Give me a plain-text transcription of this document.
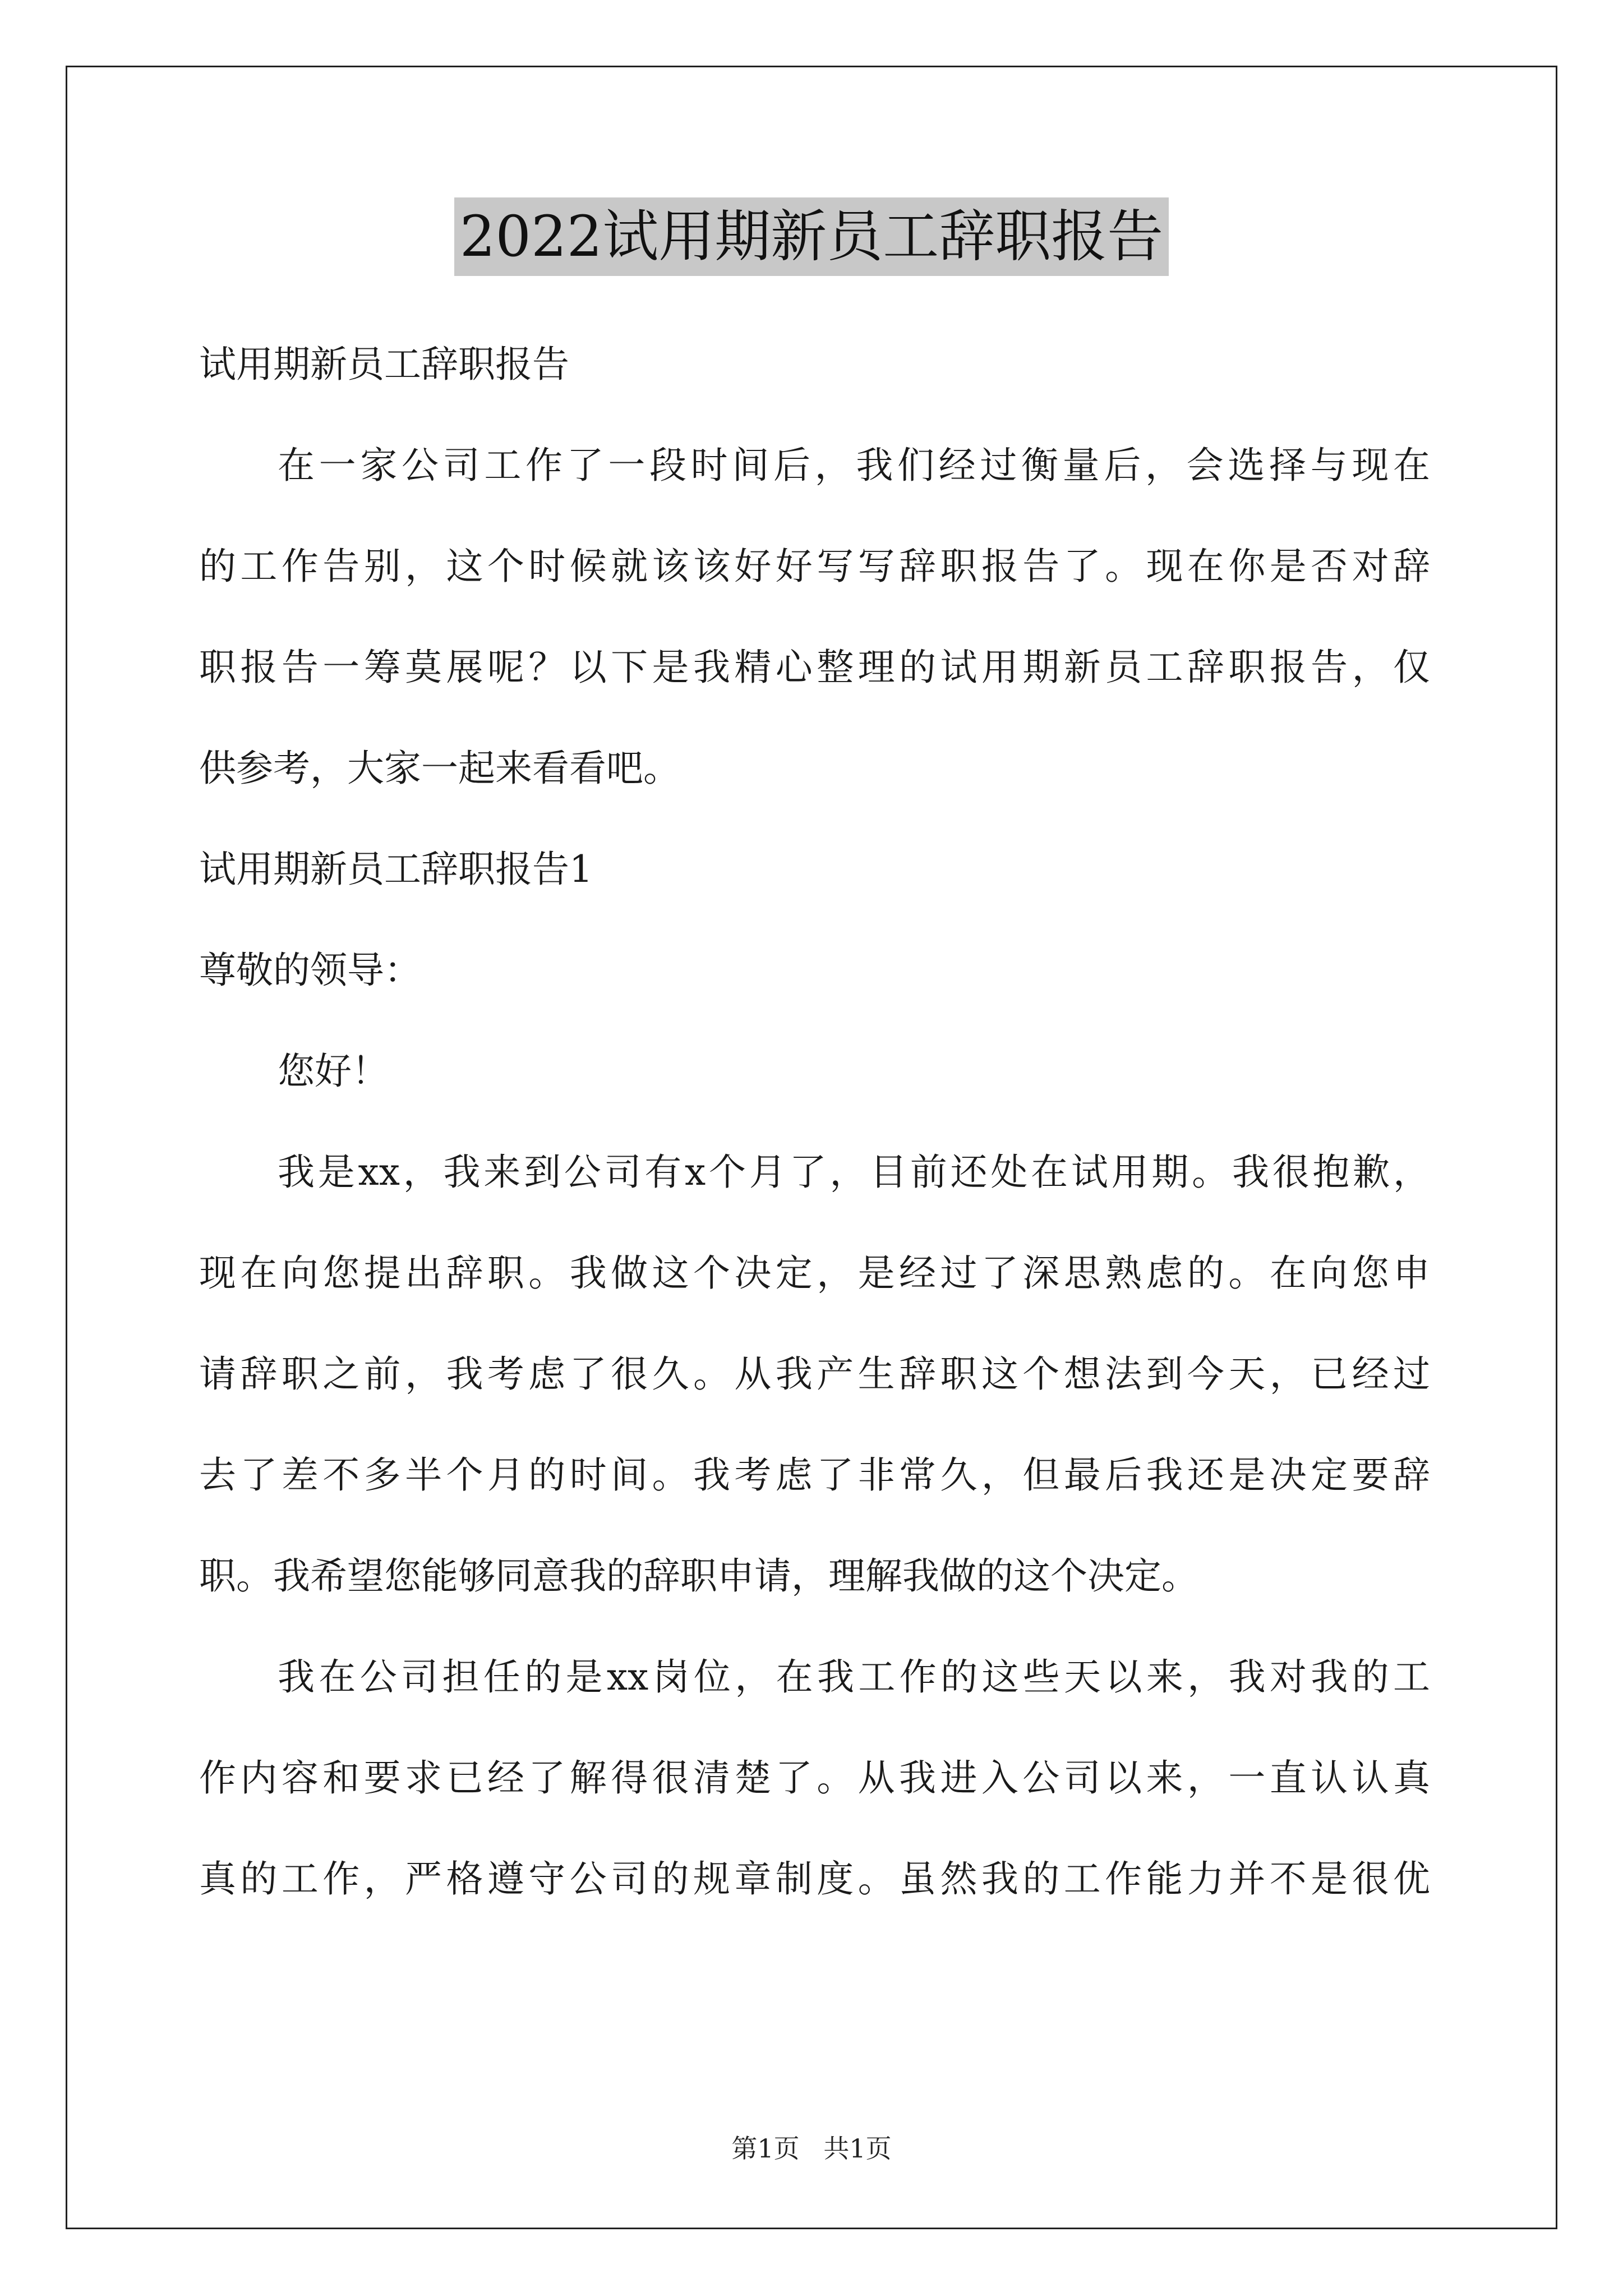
2022试用期新员工辞职报告
试用期新员工辞职报告
在一家公司工作了一段时间后，我们经过衡量后，会选择与现在
的工作告别，这个时候就该该好好写写辞职报告了。现在你是否对辞
职报告一筹莫展呢？以下是我精心整理的试用期新员工辞职报告，仅
供参考，大家一起来看看吧。
试用期新员工辞职报告1
尊敬的领导：
您好！
我是xx，我来到公司有x个月了，目前还处在试用期。我很抱歉，
现在向您提出辞职。我做这个决定，是经过了深思熟虑的。在向您申
请辞职之前，我考虑了很久。从我产生辞职这个想法到今天，已经过
去了差不多半个月的时间。我考虑了非常久，但最后我还是决定要辞
职。我希望您能够同意我的辞职申请，理解我做的这个决定。
我在公司担任的是xx岗位，在我工作的这些天以来，我对我的工
作内容和要求已经了解得很清楚了。从我进入公司以来，一直认认真
真的工作，严格遵守公司的规章制度。虽然我的工作能力并不是很优
第1页 共1页
